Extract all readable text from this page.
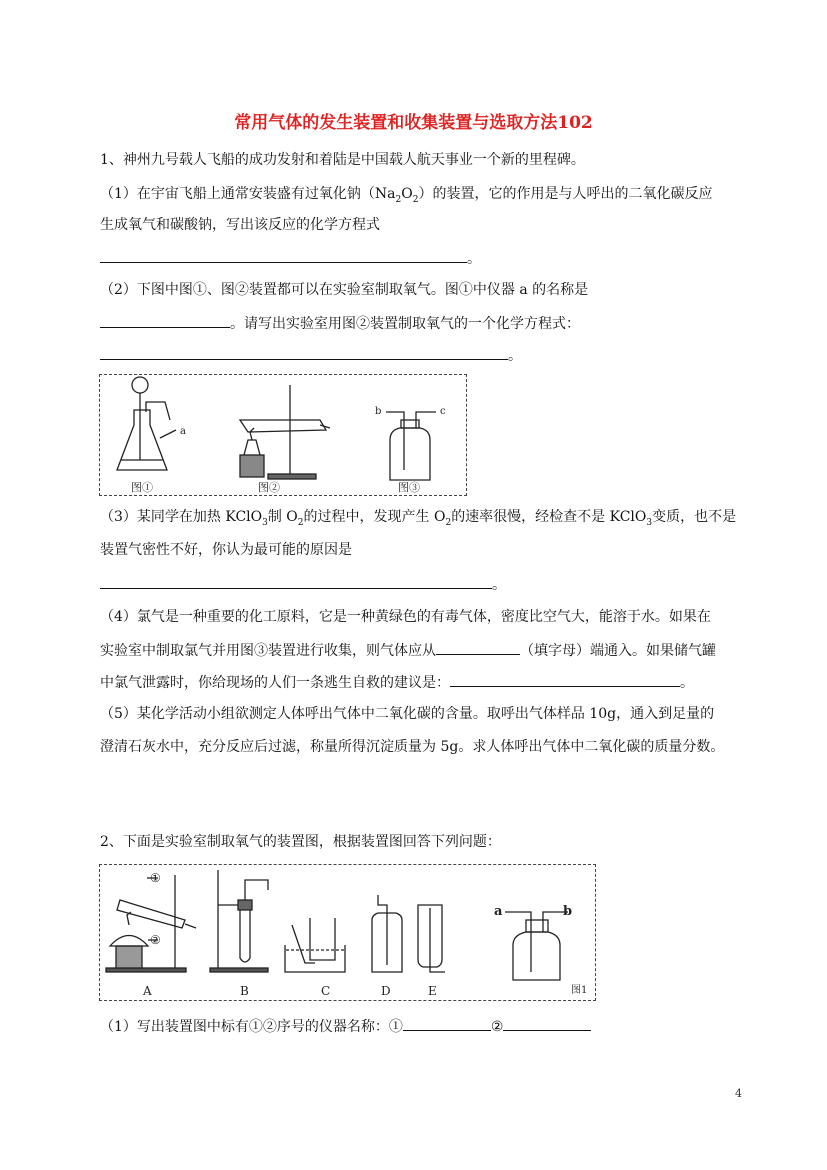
常用气体的发生装置和收集装置与选取方法102
1、神州九号载人飞船的成功发射和着陆是中国载人航天事业一个新的里程碑。
（1）在宇宙飞船上通常安装盛有过氧化钠$(Na_2O_2)$的装置，它的作用是与人呼出的二氧化碳反应
生成氧气和碳酸钠，写出该反应的化学方程式
。
（2）下图中图①、图②装置都可以在实验室制取氧气。图①中仪器 a 的名称是
。请写出实验室用图②装置制取氧气的一个化学方程式：
。
a
图①	图②
b	c
图③
（3）某同学在加热 KClO$_3$制 $O_2$的过程中，发现产生 $O_2$的速率很慢，经检查不是 KClO$_3$变质，也不是
装置气密性不好，你认为最可能的原因是
。
（4）氯气是一种重要的化工原料，它是一种黄绿色的有毒气体，密度比空气大，能溶于水。如果在
实验室中制取氯气并用图③装置进行收集，则气体应从	（填字母）端通入。如果储气罐
中氯气泄露时，你给现场的人们一条逃生自救的建议是：	。
（5）某化学活动小组欲测定人体呼出气体中二氧化碳的含量。取呼出气体样品 10g，通入到足量的
澄清石灰水中，充分反应后过滤，称量所得沉淀质量为 5g。求人体呼出气体中二氧化碳的质量分数。
2、下面是实验室制取氧气的装置图，根据装置图回答下列问题：
①
②
A	B	C	D	E
a	b
图1
（1）写出装置图中标有①②序号的仪器名称：①	②
4
